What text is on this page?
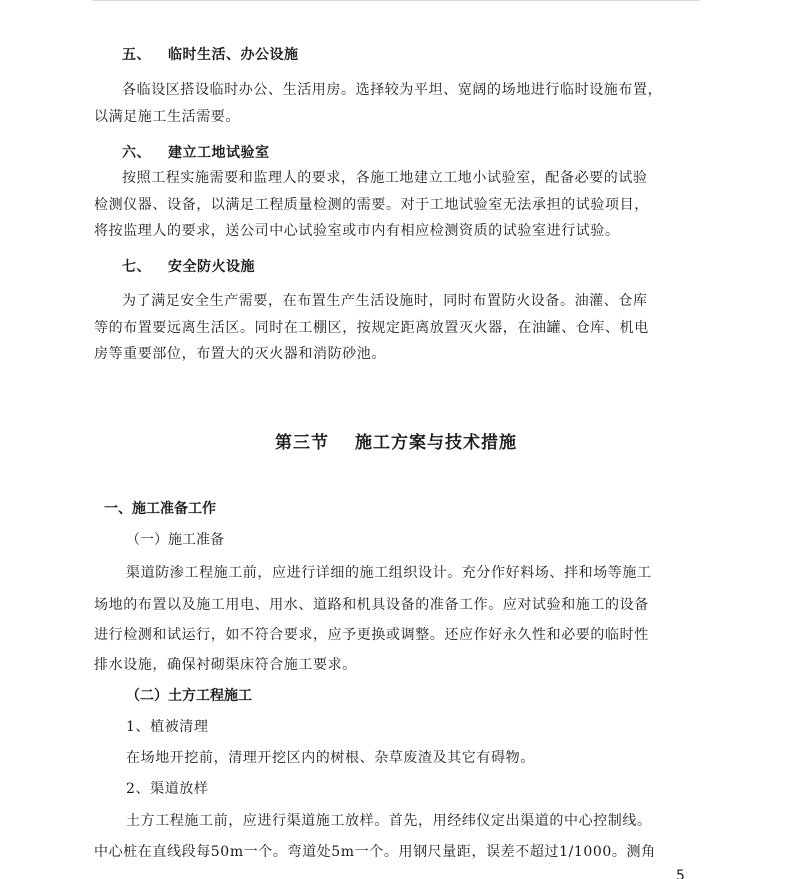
五、 临时生活、办公设施
各临设区搭设临时办公、生活用房。选择较为平坦、宽阔的场地进行临时设施布置，
以满足施工生活需要。
六、 建立工地试验室
按照工程实施需要和监理人的要求，各施工地建立工地小试验室，配备必要的试验
检测仪器、设备，以满足工程质量检测的需要。对于工地试验室无法承担的试验项目，
将按监理人的要求，送公司中心试验室或市内有相应检测资质的试验室进行试验。
七、 安全防火设施
为了满足安全生产需要，在布置生产生活设施时，同时布置防火设备。油灌、仓库
等的布置要远离生活区。同时在工棚区，按规定距离放置灭火器，在油罐、仓库、机电
房等重要部位，布置大的灭火器和消防砂池。
第三节 施工方案与技术措施
一、施工准备工作
（一）施工准备
渠道防渗工程施工前，应进行详细的施工组织设计。充分作好料场、拌和场等施工
场地的布置以及施工用电、用水、道路和机具设备的准备工作。应对试验和施工的设备
进行检测和试运行，如不符合要求，应予更换或调整。还应作好永久性和必要的临时性
排水设施，确保衬砌渠床符合施工要求。
（二）土方工程施工
1、植被清理
在场地开挖前，清理开挖区内的树根、杂草废渣及其它有碍物。
2、渠道放样
土方工程施工前，应进行渠道施工放样。首先，用经纬仪定出渠道的中心控制线。
中心桩在直线段每50m一个。弯道处5m一个。用钢尺量距，误差不超过1/1000。测角
5
